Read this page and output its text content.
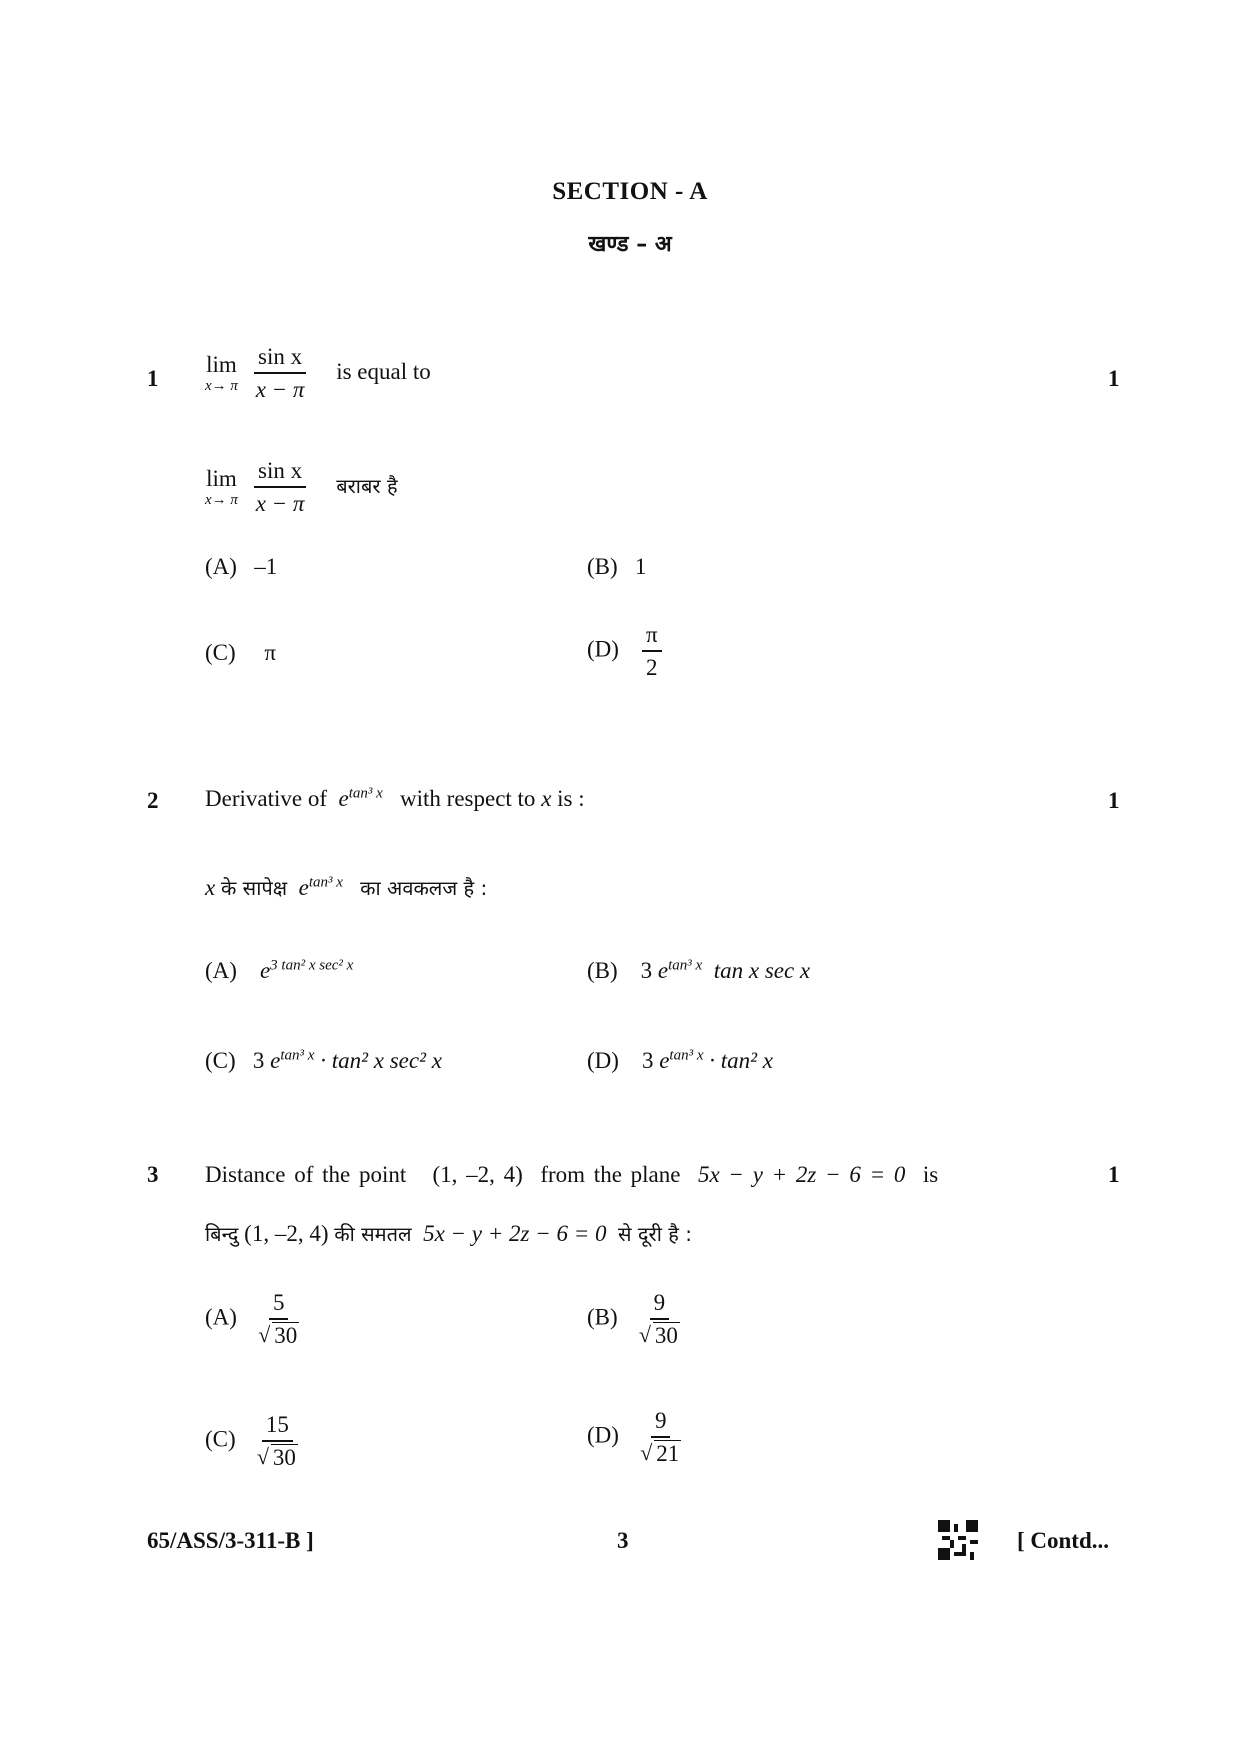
SECTION - A
खण्ड – अ
1	1
lim
x→ π
$\frac{\text{sin x}}{x - \pi}$ is equal to
lim
x→ π
$\frac{\text{sin x}}{x - \pi}$ बराबर है
(A) –1	(B) 1
(C) π	$(D) \frac{\pi}{2}$
2	1
Derivative of $e^{tan^3 x}$ with respect to x is :
x के सापेक्ष $e^{tan^3 x}$ का अवकलज है :
(A) $e^{3 tan^2 x sec^2 x}$	(B) 3 $e^{tan^3 x}$ tan x sec x
(C) 3 $e^{tan^3 x} \cdot \tan^2$ x sec² x	(D) 3 $e^{tan^3 x} \cdot \tan^2$ x
3	1
Distance of the point (1, –2, 4) from the plane 5x − y + 2z − 6 = 0 is
बिन्दु (1, –2, 4) की समतल 5x − y + 2z − 6 = 0 से दूरी है :
$(A) \frac{5}{√ 30}$	$(B) \frac{9}{√ 30}$
$(C) \frac{15}{√ 30}$	$(D) \frac{9}{√ 21}$
65/ASS/3-311-B ]	3	[ Contd...
